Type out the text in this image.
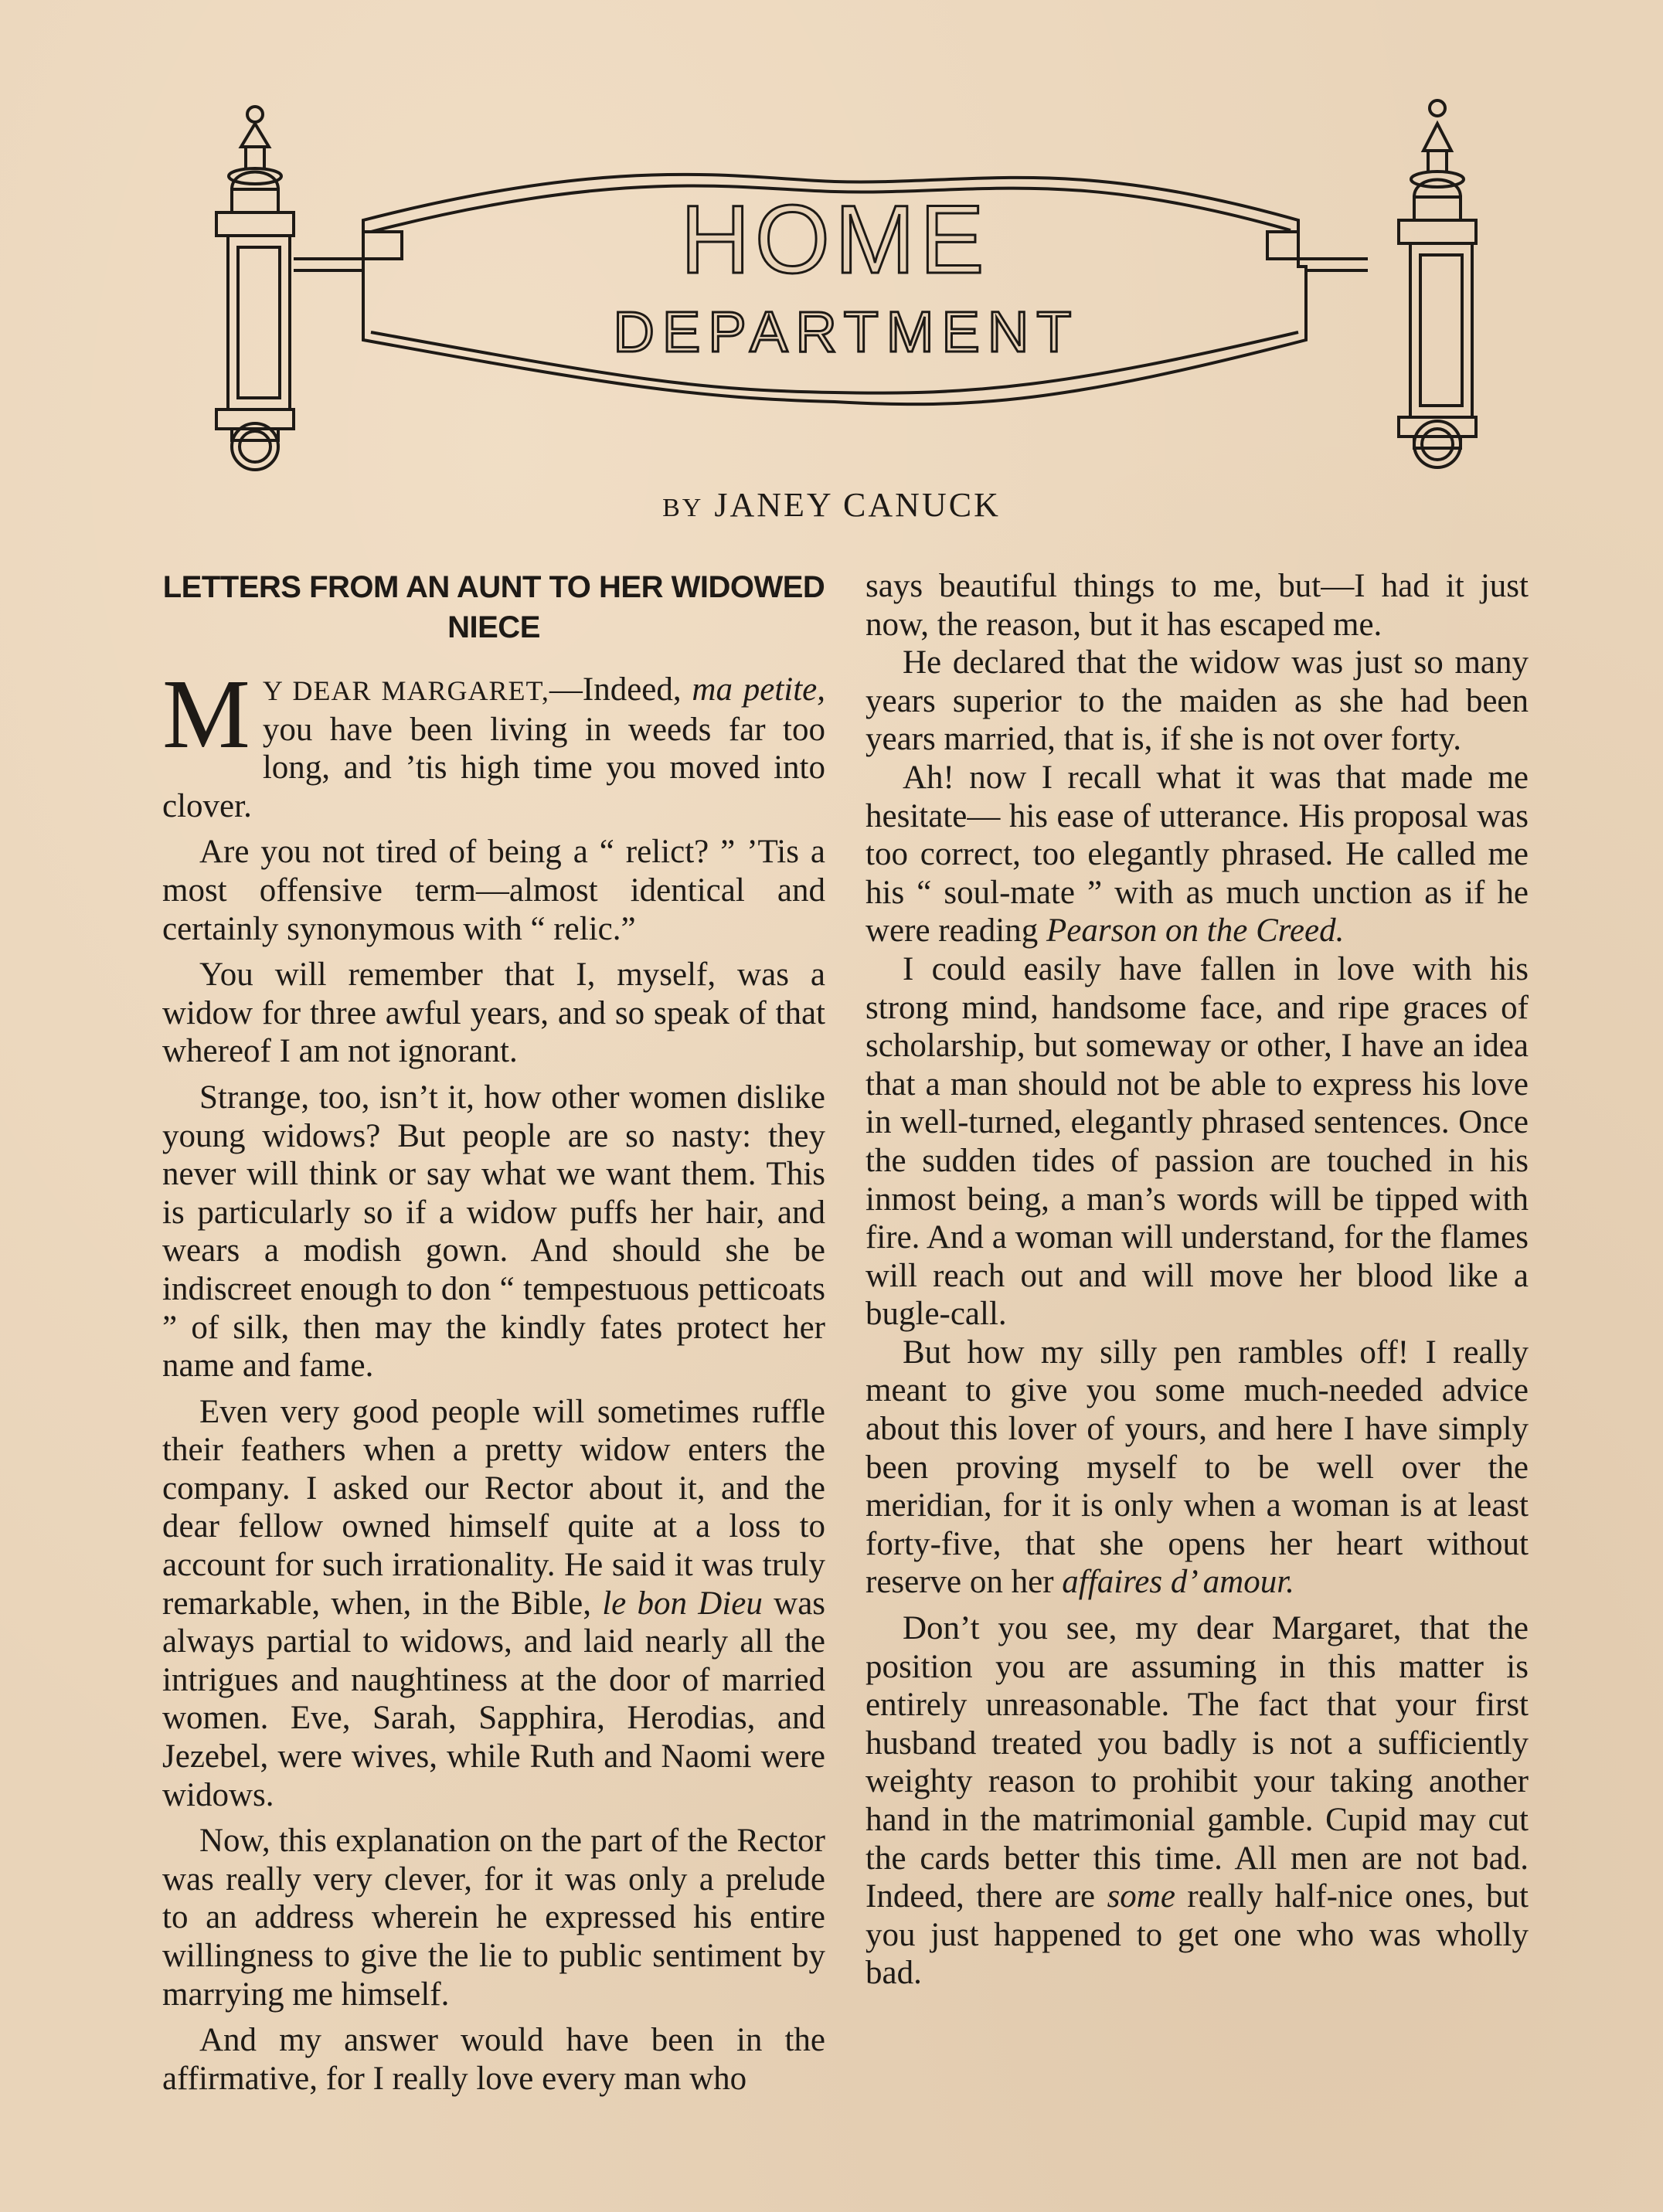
HOME
DEPARTMENT
BY JANEY CANUCK
LETTERS FROM AN AUNT TO HER WIDOWED NIECE

MY DEAR MARGARET,—Indeed, ma petite, you have been living in weeds far too long, and ’tis high time you moved into clover.

Are you not tired of being a “ relict? ” ’Tis a most offensive term—almost identical and certainly synonymous with “ relic.”

You will remember that I, myself, was a widow for three awful years, and so speak of that whereof I am not ignorant.

Strange, too, isn’t it, how other women dislike young widows? But people are so nasty: they never will think or say what we want them. This is particularly so if a widow puffs her hair, and wears a modish gown. And should she be indiscreet enough to don “ tempestuous petticoats ” of silk, then may the kindly fates protect her name and fame.

Even very good people will sometimes ruffle their feathers when a pretty widow enters the company. I asked our Rector about it, and the dear fellow owned himself quite at a loss to account for such irrationality. He said it was truly remarkable, when, in the Bible, le bon Dieu was always partial to widows, and laid nearly all the intrigues and naughtiness at the door of married women. Eve, Sarah, Sapphira, Herodias, and Jezebel, were wives, while Ruth and Naomi were widows.

Now, this explanation on the part of the Rector was really very clever, for it was only a prelude to an address wherein he expressed his entire willingness to give the lie to public sentiment by marrying me himself.

And my answer would have been in the affirmative, for I really love every man who

says beautiful things to me, but—I had it just now, the reason, but it has escaped me.

He declared that the widow was just so many years superior to the maiden as she had been years married, that is, if she is not over forty.

Ah! now I recall what it was that made me hesitate— his ease of utterance. His proposal was too correct, too elegantly phrased. He called me his “ soul-mate ” with as much unction as if he were reading Pearson on the Creed.

I could easily have fallen in love with his strong mind, handsome face, and ripe graces of scholarship, but someway or other, I have an idea that a man should not be able to express his love in well-turned, elegantly phrased sentences. Once the sudden tides of passion are touched in his inmost being, a man’s words will be tipped with fire. And a woman will understand, for the flames will reach out and will move her blood like a bugle-call.

But how my silly pen rambles off! I really meant to give you some much-needed advice about this lover of yours, and here I have simply been proving myself to be well over the meridian, for it is only when a woman is at least forty-five, that she opens her heart without reserve on her affaires d’ amour.

Don’t you see, my dear Margaret, that the position you are assuming in this matter is entirely unreasonable. The fact that your first husband treated you badly is not a sufficiently weighty reason to prohibit your taking another hand in the matrimonial gamble. Cupid may cut the cards better this time. All men are not bad. Indeed, there are some really half-nice ones, but you just happened to get one who was wholly bad.
